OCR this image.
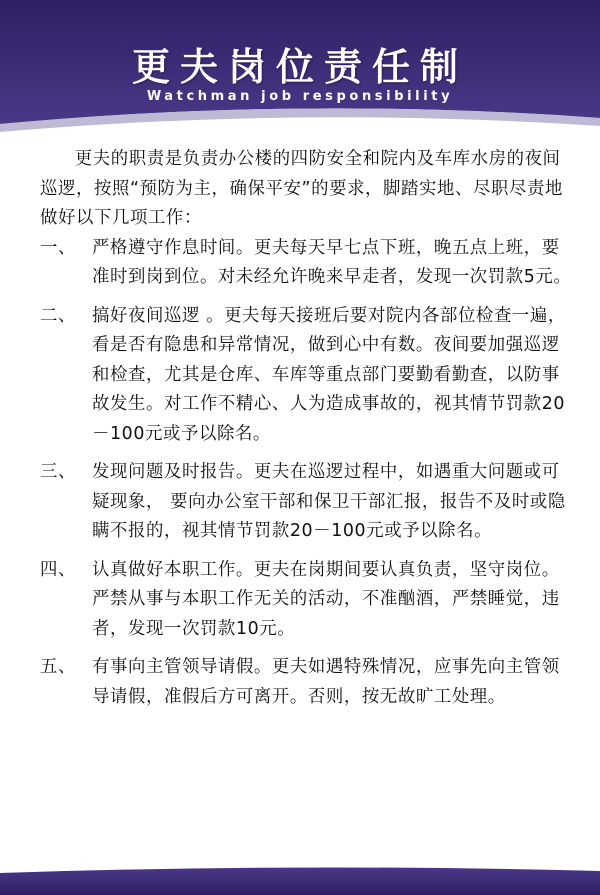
更夫岗位责任制

Watchman job responsibility

更夫的职责是负责办公楼的四防安全和院内及车库水房的夜间巡逻，按照“预防为主，确保平安”的要求，脚踏实地、尽职尽责地做好以下几项工作：

一、 严格遵守作息时间。更夫每天早七点下班，晚五点上班，要准时到岗到位。对未经允许晚来早走者，发现一次罚款5元。
二、 搞好夜间巡逻 。更夫每天接班后要对院内各部位检查一遍，看是否有隐患和异常情况，做到心中有数。夜间要加强巡逻和检查，尤其是仓库、车库等重点部门要勤看勤查，以防事故发生。对工作不精心、人为造成事故的，视其情节罚款20－100元或予以除名。
三、 发现问题及时报告。更夫在巡逻过程中，如遇重大问题或可疑现象， 要向办公室干部和保卫干部汇报，报告不及时或隐瞒不报的，视其情节罚款20－100元或予以除名。
四、 认真做好本职工作。更夫在岗期间要认真负责，坚守岗位。严禁从事与本职工作无关的活动，不准酗酒，严禁睡觉，违者，发现一次罚款10元。
五、 有事向主管领导请假。更夫如遇特殊情况，应事先向主管领导请假，准假后方可离开。否则，按无故旷工处理。
